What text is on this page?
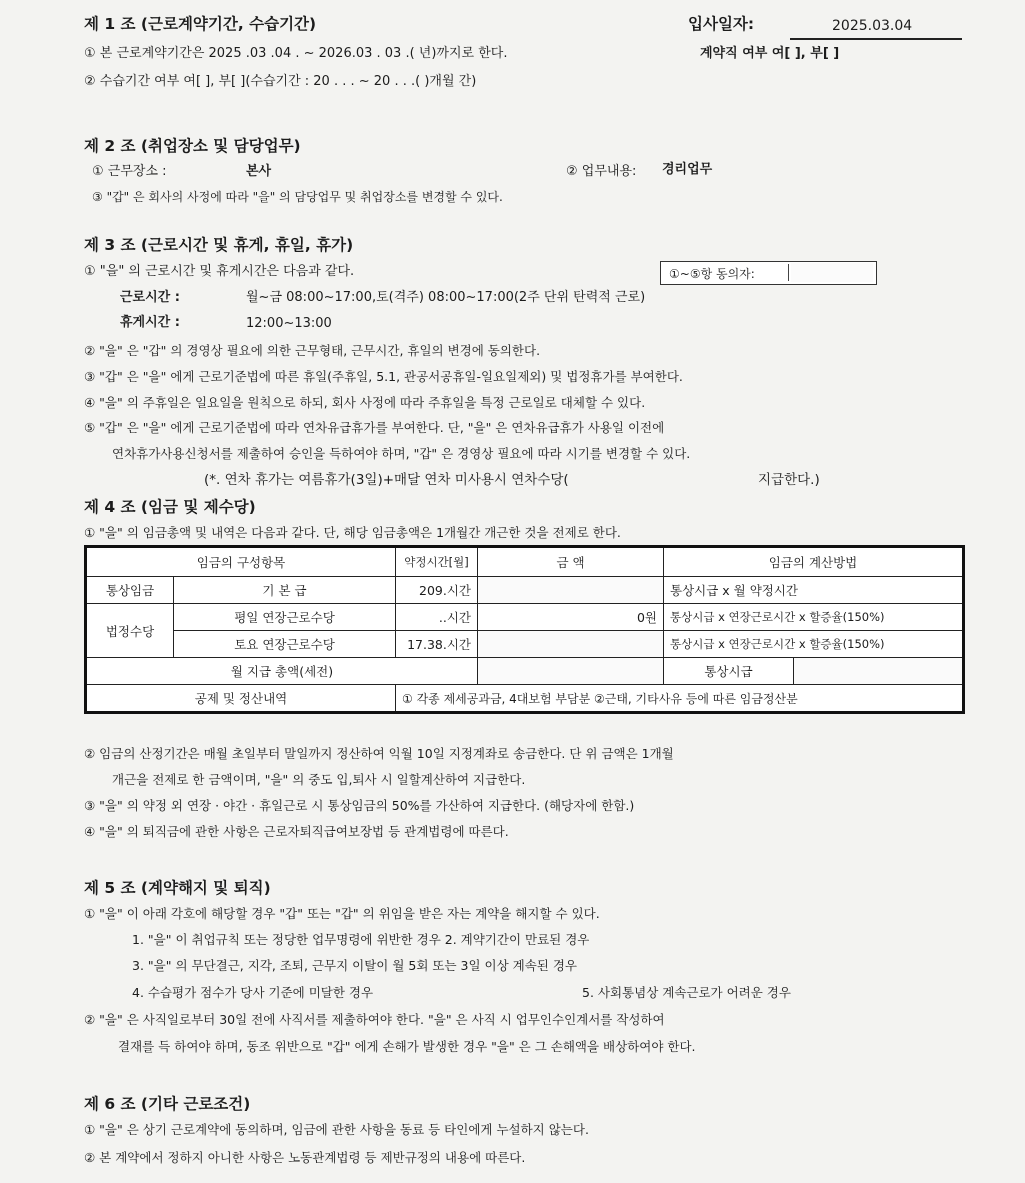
제 1 조 (근로계약기간, 수습기간)	입사일자:	2025.03.04
① 본 근로계약기간은 2025 .03 .04 . ~ 2026.03 . 03 .( 년)까지로 한다.	계약직 여부 여[ ], 부[ ]
② 수습기간 여부 여[ ], 부[ ](수습기간 : 20 . . . ~ 20 . . .( )개월 간)
제 2 조 (취업장소 및 담당업무)
① 근무장소 :	본사	② 업무내용: 경리업무
③ "갑" 은 회사의 사정에 따라 "을" 의 담당업무 및 취업장소를 변경할 수 있다.
제 3 조 (근로시간 및 휴게, 휴일, 휴가)
① "을" 의 근로시간 및 휴게시간은 다음과 같다.	①~⑤항 동의자:
근로시간 :	월~금 08:00~17:00,토(격주) 08:00~17:00(2주 단위 탄력적 근로)
휴게시간 :	12:00~13:00
② "을" 은 "갑" 의 경영상 필요에 의한 근무형태, 근무시간, 휴일의 변경에 동의한다.
③ "갑" 은 "을" 에게 근로기준법에 따른 휴일(주휴일, 5.1, 관공서공휴일-일요일제외) 및 법정휴가를 부여한다.
④ "을" 의 주휴일은 일요일을 원칙으로 하되, 회사 사정에 따라 주휴일을 특정 근로일로 대체할 수 있다.
⑤ "갑" 은 "을" 에게 근로기준법에 따라 연차유급휴가를 부여한다. 단, "을" 은 연차유급휴가 사용일 이전에
연차휴가사용신청서를 제출하여 승인을 득하여야 하며, "갑" 은 경영상 필요에 따라 시기를 변경할 수 있다.
(*. 연차 휴가는 여름휴가(3일)+매달 연차 미사용시 연차수당(	지급한다.)
제 4 조 (임금 및 제수당)
① "을" 의 임금총액 및 내역은 다음과 같다. 단, 해당 임금총액은 1개월간 개근한 것을 전제로 한다.
임금의 구성항목		약정시간[월]	금 액	임금의 계산방법	
통상임금	기 본 급	209.시간		통상시급 x 월 약정시간	
법정수당	평일 연장근로수당	..시간	0원	통상시급 x 연장근로시간 x 할증율(150%)	
	토요 연장근로수당	17.38.시간		통상시급 x 연장근로시간 x 할증율(150%)	
월 지급 총액(세전)				통상시급	
공제 및 정산내역		① 각종 제세공과금, 4대보험 부담분 ②근태, 기타사유 등에 따른 임금정산분			
② 임금의 산정기간은 매월 초일부터 말일까지 정산하여 익월 10일 지정계좌로 송금한다. 단 위 금액은 1개월
개근을 전제로 한 금액이며, "을" 의 중도 입,퇴사 시 일할계산하여 지급한다.
③ "을" 의 약정 외 연장 · 야간 · 휴일근로 시 통상임금의 50%를 가산하여 지급한다. (해당자에 한함.)
④ "을" 의 퇴직금에 관한 사항은 근로자퇴직급여보장법 등 관계법령에 따른다.
제 5 조 (계약해지 및 퇴직)
① "을" 이 아래 각호에 해당할 경우 "갑" 또는 "갑" 의 위임을 받은 자는 계약을 해지할 수 있다.
1. "을" 이 취업규칙 또는 정당한 업무명령에 위반한 경우 2. 계약기간이 만료된 경우
3. "을" 의 무단결근, 지각, 조퇴, 근무지 이탈이 월 5회 또는 3일 이상 계속된 경우
4. 수습평가 점수가 당사 기준에 미달한 경우	5. 사회통념상 계속근로가 어려운 경우
② "을" 은 사직일로부터 30일 전에 사직서를 제출하여야 한다. "을" 은 사직 시 업무인수인계서를 작성하여
결재를 득 하여야 하며, 동조 위반으로 "갑" 에게 손해가 발생한 경우 "을" 은 그 손해액을 배상하여야 한다.
제 6 조 (기타 근로조건)
① "을" 은 상기 근로계약에 동의하며, 임금에 관한 사항을 동료 등 타인에게 누설하지 않는다.
② 본 계약에서 정하지 아니한 사항은 노동관계법령 등 제반규정의 내용에 따른다.
